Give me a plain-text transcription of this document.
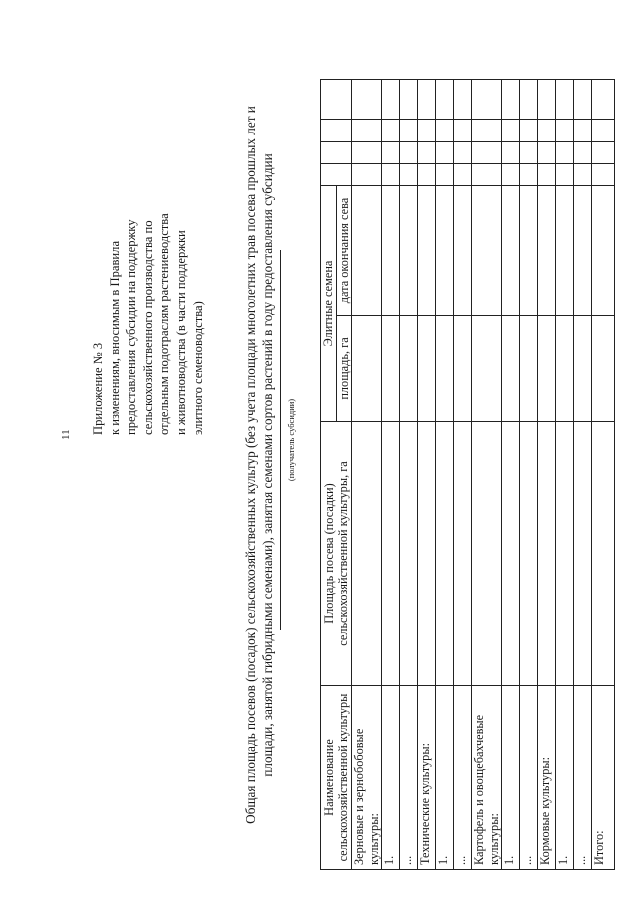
11 Приложение № 3 к изменениям, вносимым в Правила предоставления субсидии на поддержку сельскохозяйственного производства по отдельным подотраслям растениеводства и животноводства (в части поддержки элитного семеноводства)	Общая площадь посевов (посадок) сельскохозяйственных культур (без учета площади многолетних трав посева прошлых лет и площади, занятой гибридными семенами), занятая семенами сортов растений в году предоставления субсидии (получатель субсидии)
Наименование сельскохозяйственной культуры	Площадь посева (посадки) сельскохозяйственной культуры, га	Элитные семена					
		площадь, га	дата окончания сева				
Зерновые и зернобобовые культуры:							
1.							
...							
Технические культуры:							
1.							
...							
Картофель и овощебахчевые культуры:							
1.							
...							
Кормовые культуры:							
1.							
...							
Итого:							
